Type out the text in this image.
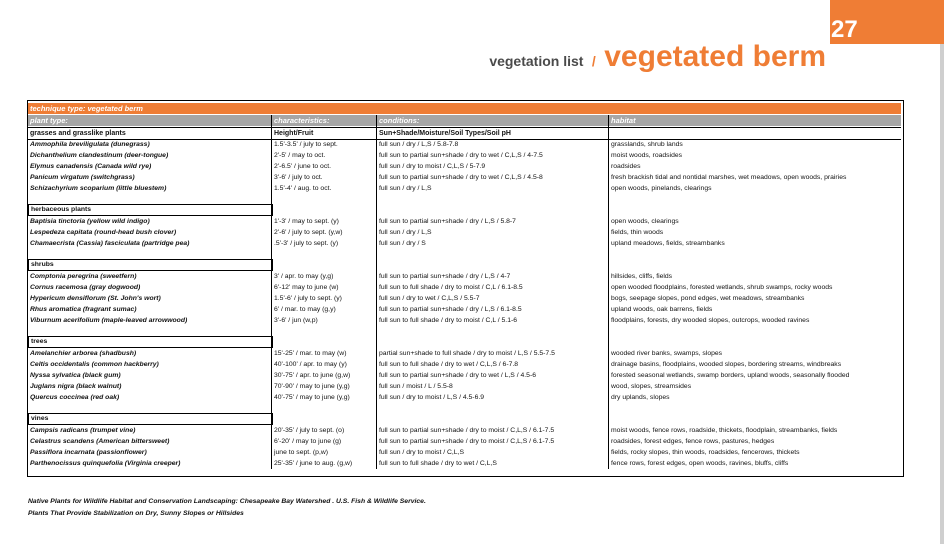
27
vegetation list / vegetated berm
technique type: vegetated berm
plant type:	characteristics:	conditions:	habitat
grasses and grasslike plants	Height/Fruit	Sun+Shade/Moisture/Soil Types/Soil pH
Ammophila breviligulata (dunegrass)	1.5'-3.5' / july to sept.	full sun / dry / L,S / 5.8-7.8	grasslands, shrub lands
Dichanthelium clandestinum (deer-tongue)	2'-5' / may to oct.	full sun to partial sun+shade / dry to wet / C,L,S / 4-7.5	moist woods, roadsides
Elymus canadensis (Canada wild rye)	2'-6.5' / june to oct.	full sun / dry to moist / C,L,S / 5-7.9	roadsides
Panicum virgatum (switchgrass)	3'-6' / july to oct.	full sun to partial sun+shade / dry to wet / C,L,S / 4.5-8	fresh brackish tidal and nontidal marshes, wet meadows, open woods, prairies
Schizachyrium scoparium (little bluestem)	1.5'-4' / aug. to oct.	full sun / dry / L,S	open woods, pinelands, clearings
herbaceous plants
Baptisia tinctoria (yellow wild indigo)	1'-3' / may to sept. (y)	full sun to partial sun+shade / dry / L,S / 5.8-7	open woods, clearings
Lespedeza capitata (round-head bush clover)	2'-6' / july to sept. (y,w)	full sun / dry / L,S	fields, thin woods
Chamaecrista (Cassia) fasciculata (partridge pea)	.5'-3' / july to sept. (y)	full sun / dry / S	upland meadows, fields, streambanks
shrubs
Comptonia peregrina (sweetfern)	3' / apr. to may (y,g)	full sun to partial sun+shade / dry / L,S / 4-7	hillsides, cliffs, fields
Cornus racemosa (gray dogwood)	6'-12' may to june (w)	full sun to full shade / dry to moist / C,L / 6.1-8.5	open wooded floodplains, forested wetlands, shrub swamps, rocky woods
Hypericum densiflorum (St. John's wort)	1.5'-6' / july to sept. (y)	full sun / dry to wet / C,L,S / 5.5-7	bogs, seepage slopes, pond edges, wet meadows, streambanks
Rhus aromatica (fragrant sumac)	6' / mar. to may (g,y)	full sun to partial sun+shade / dry / L,S / 6.1-8.5	upland woods, oak barrens, fields
Viburnum acerifolium (maple-leaved arrowwood)	3'-6' / jun (w,p)	full sun to full shade / dry to moist / C,L / 5.1-6	floodplains, forests, dry wooded slopes, outcrops, wooded ravines
trees
Amelanchier arborea (shadbush)	15'-25' / mar. to may (w)	partial sun+shade to full shade / dry to moist / L,S / 5.5-7.5	wooded river banks, swamps, slopes
Celtis occidentalis (common hackberry)	40'-100' / apr. to may (y)	full sun to full shade / dry to wet / C,L,S / 6-7.8	drainage basins, floodplains, wooded slopes, bordering streams, windbreaks
Nyssa sylvatica (black gum)	30'-75' / apr. to june (g,w)	full sun to partial sun+shade / dry to wet / L,S / 4.5-6	forested seasonal wetlands, swamp borders, upland woods, seasonally flooded
Juglans nigra (black walnut)	70'-90' / may to june (y,g)	full sun / moist / L / 5.5-8	wood, slopes, streamsides
Quercus coccinea (red oak)	40'-75' / may to june (y,g)	full sun / dry to moist / L,S / 4.5-6.9	dry uplands, slopes
vines
Campsis radicans (trumpet vine)	20'-35' / july to sept. (o)	full sun to partial sun+shade / dry to moist / C,L,S / 6.1-7.5	moist woods, fence rows, roadside, thickets, floodplain, streambanks, fields
Celastrus scandens (American bittersweet)	6'-20' / may to june (g)	full sun to partial sun+shade / dry to moist / C,L,S / 6.1-7.5	roadsides, forest edges, fence rows, pastures, hedges
Passiflora incarnata (passionflower)	june to sept. (p,w)	full sun / dry to moist / C,L,S	fields, rocky slopes, thin woods, roadsides, fencerows, thickets
Parthenocissus quinquefolia (Virginia creeper)	25'-35' / june to aug. (g,w)	full sun to full shade / dry to wet / C,L,S	fence rows, forest edges, open woods, ravines, bluffs, cliffs
Native Plants for Wildlife Habitat and Conservation Landscaping: Chesapeake Bay Watershed . U.S. Fish & Wildlife Service.
Plants That Provide Stabilization on Dry, Sunny Slopes or Hillsides
